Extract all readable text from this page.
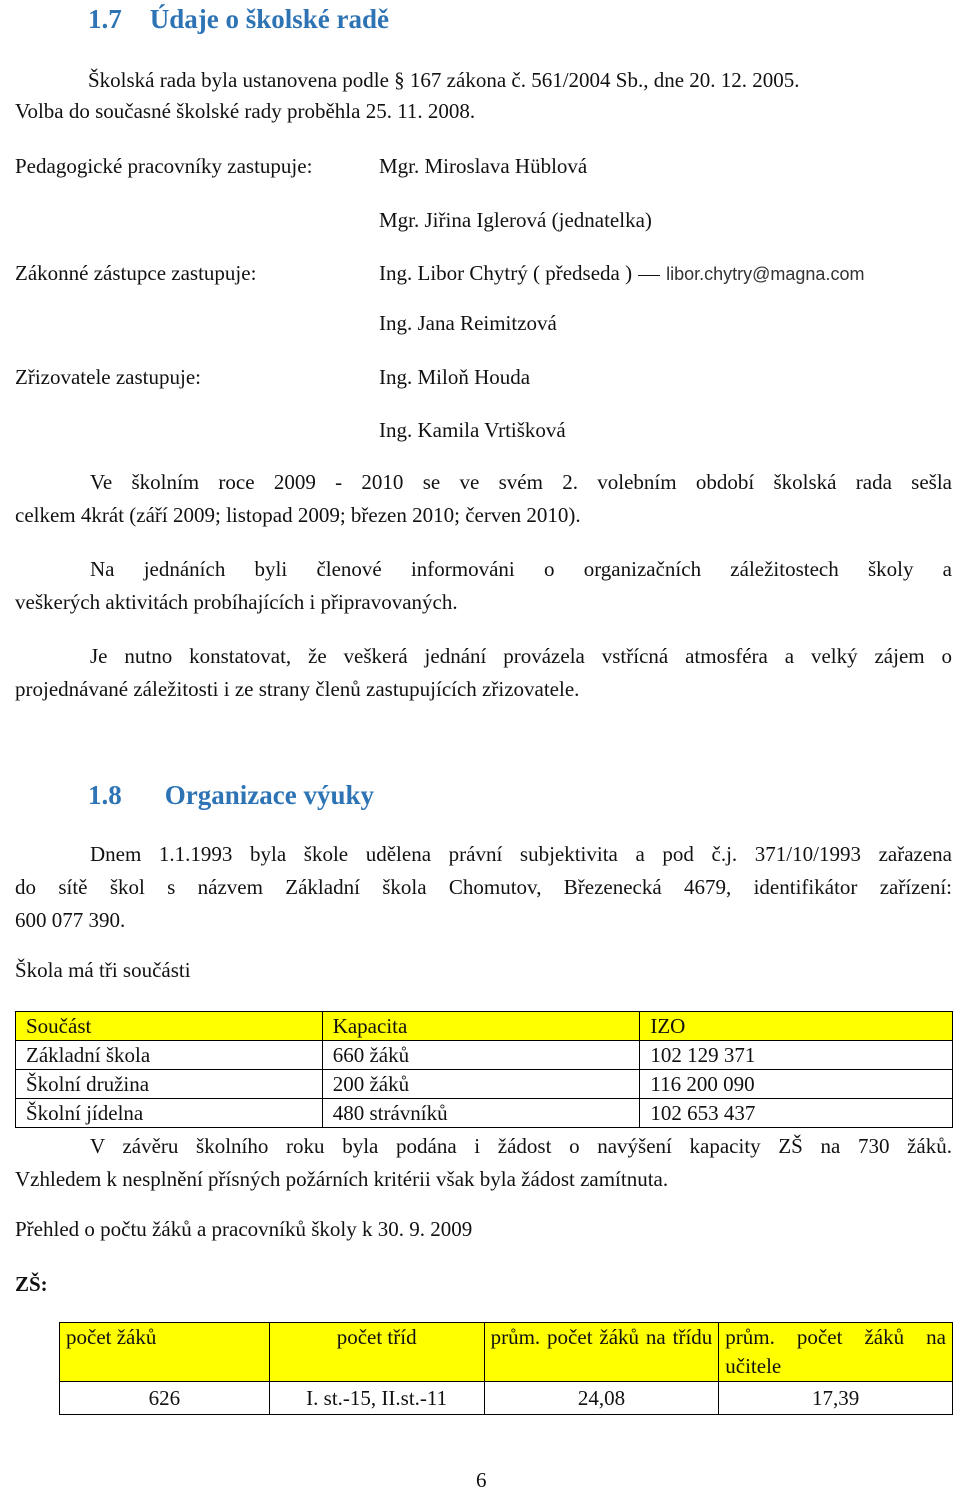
1.7 Údaje o školské radě
Školská rada byla ustanovena podle § 167 zákona č. 561/2004 Sb., dne 20. 12. 2005.
Volba do současné školské rady proběhla 25. 11. 2008.
Pedagogické pracovníky zastupuje:	Mgr. Miroslava Hüblová
Mgr. Jiřina Iglerová (jednatelka)
Zákonné zástupce zastupuje:	Ing. Libor Chytrý ( předseda ) libor.chytry@magna.com
Ing. Jana Reimitzová
Zřizovatele zastupuje:	Ing. Miloň Houda
Ing. Kamila Vrtišková
Ve školním roce 2009 - 2010 se ve svém 2. volebním období školská rada sešla
celkem 4krát (září 2009; listopad 2009; březen 2010; červen 2010).
Na jednáních byli členové informováni o organizačních záležitostech školy a
veškerých aktivitách probíhajících i připravovaných.
Je nutno konstatovat, že veškerá jednání provázela vstřícná atmosféra a velký zájem o
projednávané záležitosti i ze strany členů zastupujících zřizovatele.
1.8 Organizace výuky
Dnem 1.1.1993 byla škole udělena právní subjektivita a pod č.j. 371/10/1993 zařazena
do sítě škol s názvem Základní škola Chomutov, Březenecká 4679, identifikátor zařízení:
600 077 390.
Škola má tři součásti
Součást	Kapacita	IZO
Základní škola	660 žáků	102 129 371
Školní družina	200 žáků	116 200 090
Školní jídelna	480 strávníků	102 653 437
V závěru školního roku byla podána i žádost o navýšení kapacity ZŠ na 730 žáků.
Vzhledem k nesplnění přísných požárních kritérii však byla žádost zamítnuta.
Přehled o počtu žáků a pracovníků školy k 30. 9. 2009
ZŠ:
počet žáků	počet tříd	prům. počet žáků na třídu	prům. počet žáků na učitele
626	I. st.-15, II.st.-11	24,08	17,39
6
